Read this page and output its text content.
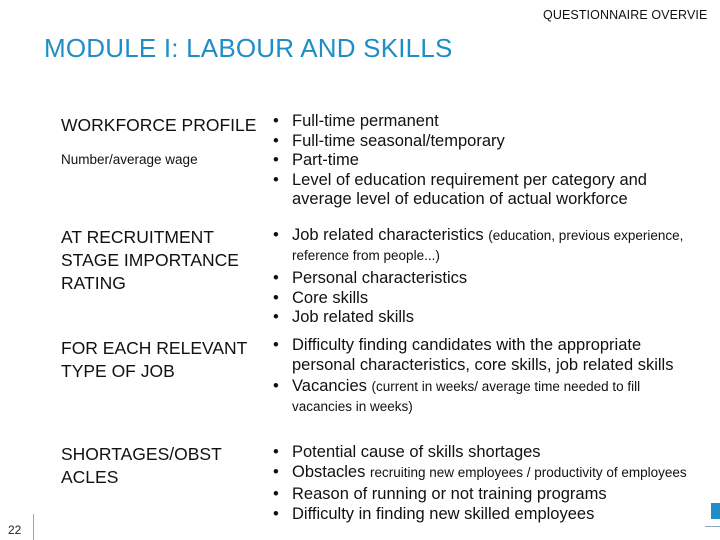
QUESTIONNAIRE OVERVIE
MODULE I: LABOUR AND SKILLS
WORKFORCE PROFILE
Number/average wage
• Full-time permanent
• Full-time seasonal/temporary
• Part-time
• Level of education requirement per category and average level of education of actual workforce
AT RECRUITMENT STAGE IMPORTANCE RATING
• Job related characteristics (education, previous experience, reference from people...)
• Personal characteristics
• Core skills
• Job related skills
FOR EACH RELEVANT TYPE OF JOB
• Difficulty finding candidates with the appropriate personal characteristics, core skills, job related skills
• Vacancies (current in weeks/ average time needed to fill vacancies in weeks)
SHORTAGES/OBST ACLES
• Potential cause of skills shortages
• Obstacles recruiting new employees / productivity of employees
• Reason of running or not training programs
• Difficulty in finding new skilled employees
22
